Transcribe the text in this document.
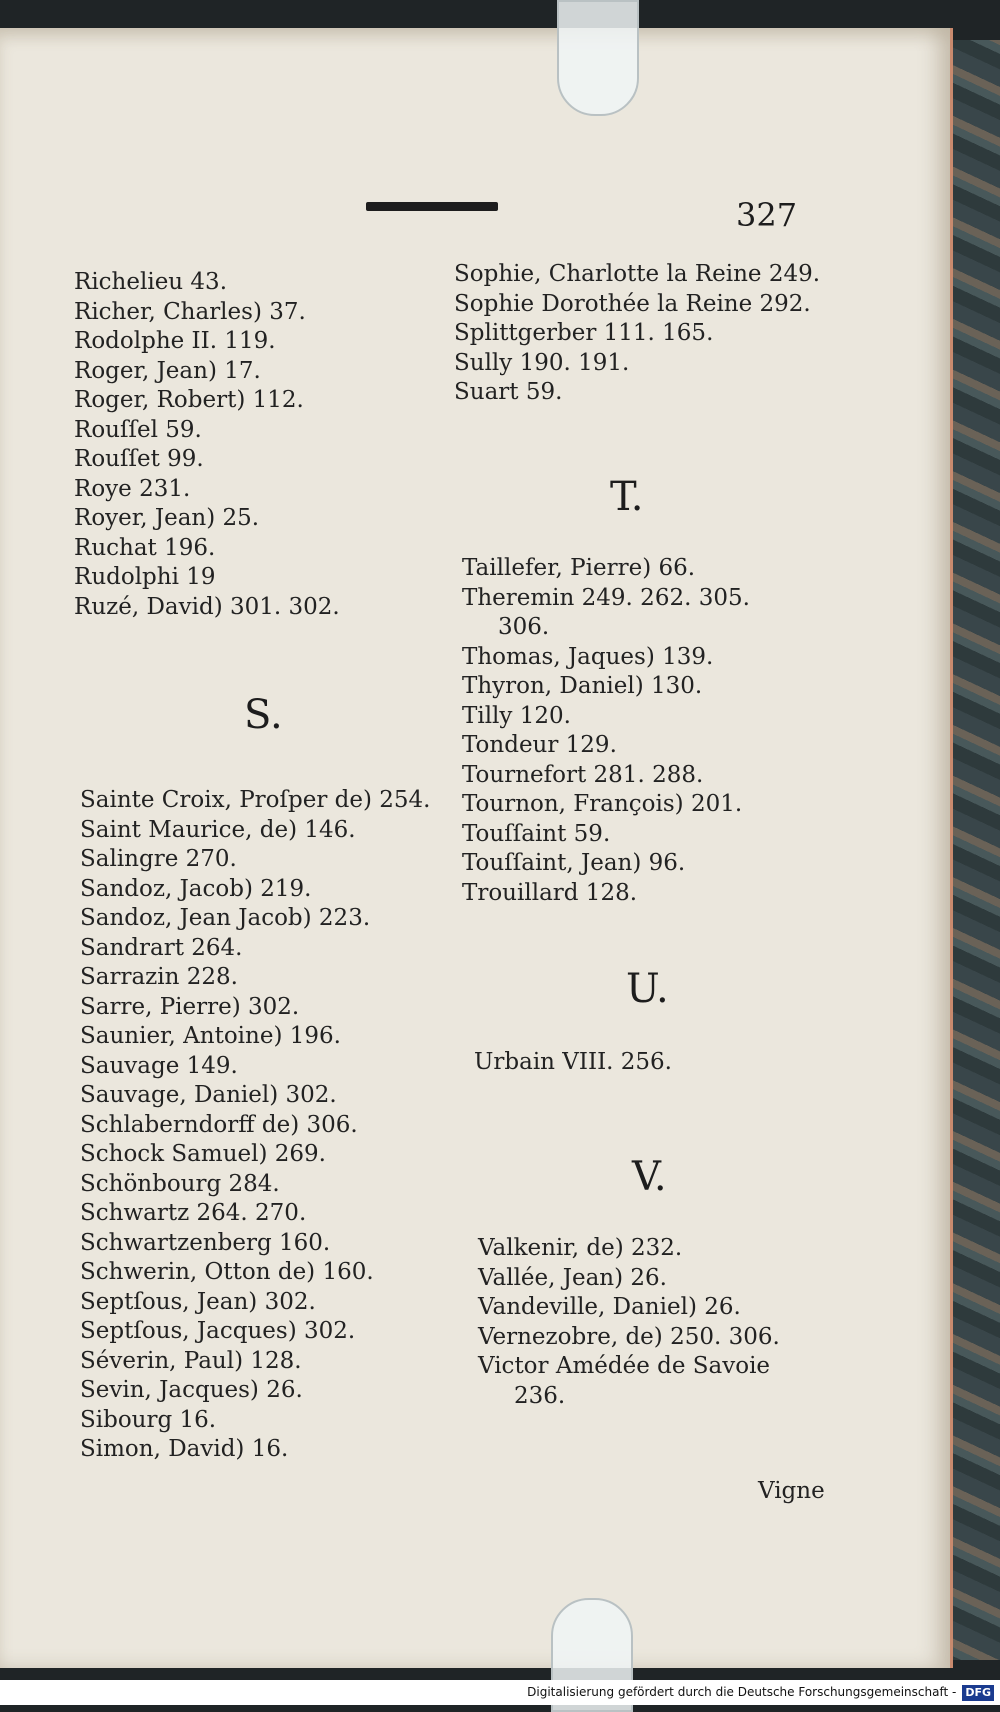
327
Richelieu 43.
Richer, Charles) 37.
Rodolphe II. 119.
Roger, Jean) 17.
Roger, Robert) 112.
Rouſſel 59.
Rouſſet 99.
Roye 231.
Royer, Jean) 25.
Ruchat 196.
Rudolphi 19
Ruzé, David) 301. 302.
S.
Sainte Croix, Proſper de) 254.
Saint Maurice, de) 146.
Salingre 270.
Sandoz, Jacob) 219.
Sandoz, Jean Jacob) 223.
Sandrart 264.
Sarrazin 228.
Sarre, Pierre) 302.
Saunier, Antoine) 196.
Sauvage 149.
Sauvage, Daniel) 302.
Schlaberndorff de) 306.
Schock Samuel) 269.
Schönbourg 284.
Schwartz 264. 270.
Schwartzenberg 160.
Schwerin, Otton de) 160.
Septſous, Jean) 302.
Septſous, Jacques) 302.
Séverin, Paul) 128.
Sevin, Jacques) 26.
Sibourg 16.
Simon, David) 16.
Sophie, Charlotte la Reine 249.
Sophie Dorothée la Reine 292.
Splittgerber 111. 165.
Sully 190. 191.
Suart 59.
T.
Taillefer, Pierre) 66.
Theremin 249. 262. 305.
306.
Thomas, Jaques) 139.
Thyron, Daniel) 130.
Tilly 120.
Tondeur 129.
Tournefort 281. 288.
Tournon, François) 201.
Touſſaint 59.
Touſſaint, Jean) 96.
Trouillard 128.
U.
Urbain VIII. 256.
V.
Valkenir, de) 232.
Vallée, Jean) 26.
Vandeville, Daniel) 26.
Vernezobre, de) 250. 306.
Victor Amédée de Savoie
236.
Vigne
Digitalisierung gefördert durch die Deutsche Forschungsgemeinschaft - DFG
